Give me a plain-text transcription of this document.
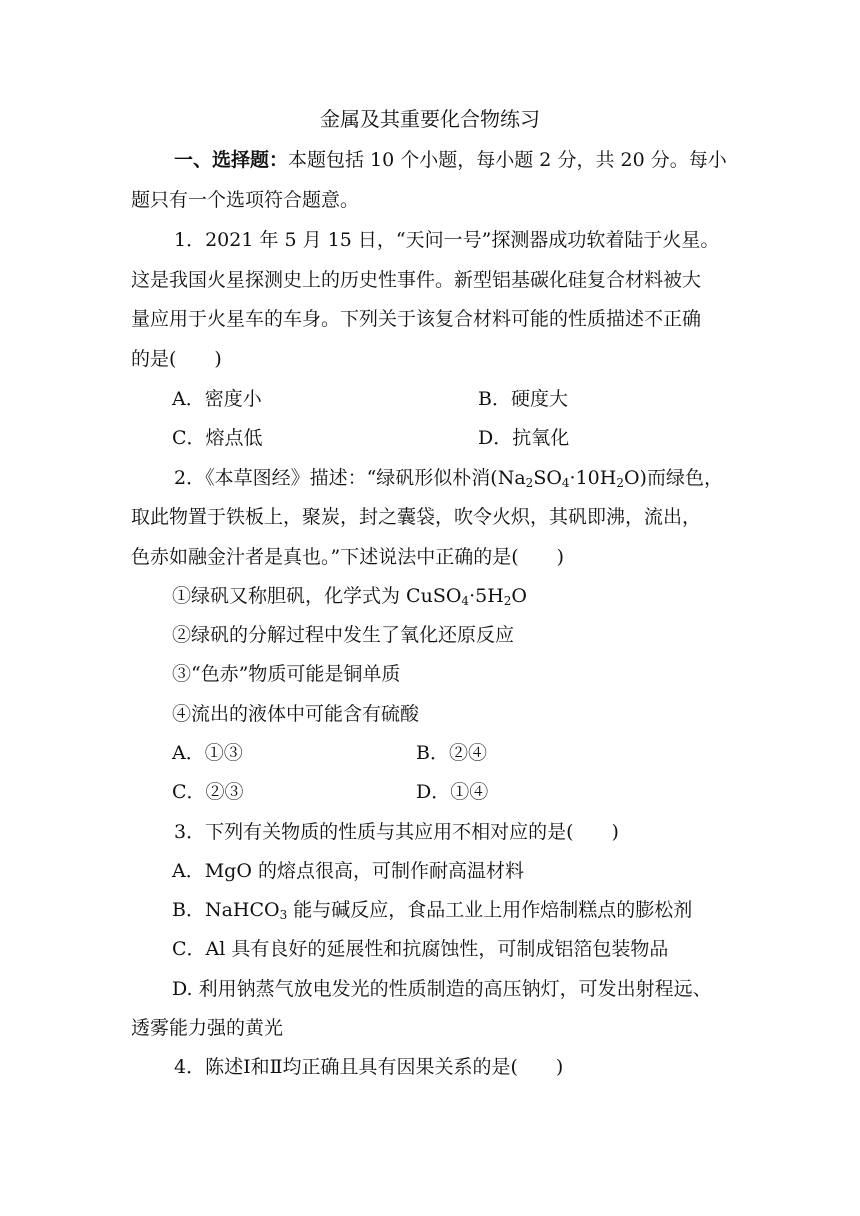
金属及其重要化合物练习
一、选择题：本题包括 10 个小题，每小题 2 分，共 20 分。每小
题只有一个选项符合题意。
1．2021 年 5 月 15 日，“天问一号”探测器成功软着陆于火星。
这是我国火星探测史上的历史性事件。新型铝基碳化硅复合材料被大
量应用于火星车的车身。下列关于该复合材料可能的性质描述不正确
的是(　　)
A．密度小	B．硬度大
C．熔点低	D．抗氧化
2．《本草图经》描述：“绿矾形似朴消$(Na_2SO_4\cdot 10H_2O)$而绿色，
取此物置于铁板上，聚炭，封之囊袋，吹令火炽，其矾即沸，流出，
色赤如融金汁者是真也。”下述说法中正确的是(　　)
①绿矾又称胆矾，化学式为 $CuSO_4\cdot 5H_2O$
②绿矾的分解过程中发生了氧化还原反应
③“色赤”物质可能是铜单质
④流出的液体中可能含有硫酸
A．①③	B．②④
C．②③	D．①④
3．下列有关物质的性质与其应用不相对应的是(　　)
A．MgO 的熔点很高，可制作耐高温材料
B．NaHCO$_3$ 能与碱反应，食品工业上用作焙制糕点的膨松剂
C．Al 具有良好的延展性和抗腐蚀性，可制成铝箔包装物品
D. 利用钠蒸气放电发光的性质制造的高压钠灯，可发出射程远、
透雾能力强的黄光
4．陈述Ⅰ和Ⅱ均正确且具有因果关系的是(　　)
